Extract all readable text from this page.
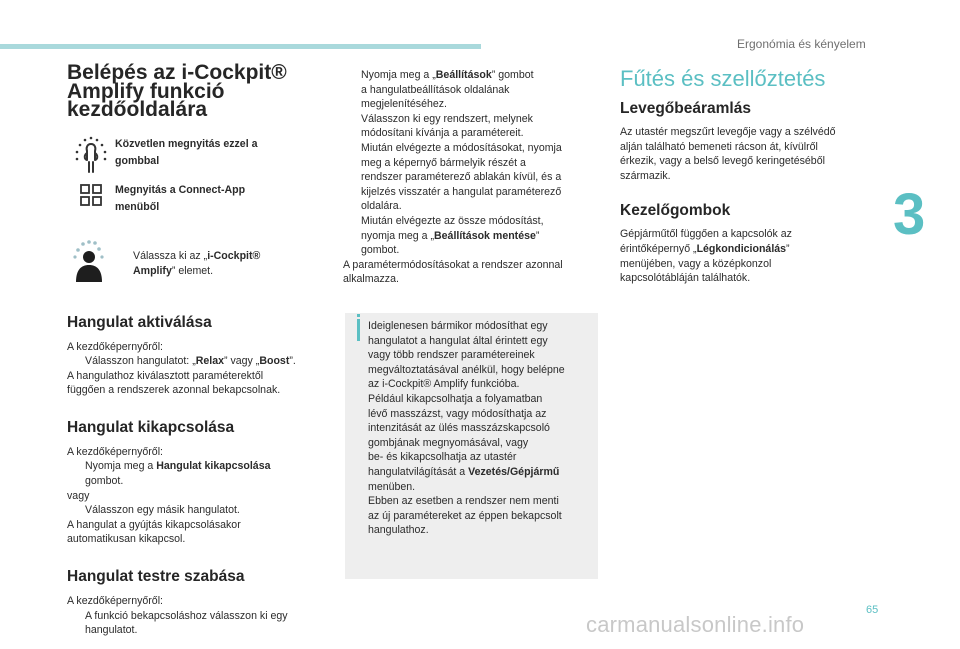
Ergonómia és kényelem
3
65
carmanualsonline.info
Belépés az i-Cockpit®
Amplify funkció
kezdőoldalára
Közvetlen megnyitás ezzel a
gombbal
Megnyitás a Connect-App
menüből
Válassza ki az „i-Cockpit®
Amplify” elemet.
Hangulat aktiválása

A kezdőképernyőről:

Válasszon hangulatot: „Relax” vagy „Boost”.

A hangulathoz kiválasztott paraméterektől

függően a rendszerek azonnal bekapcsolnak.

Hangulat kikapcsolása

A kezdőképernyőről:

Nyomja meg a Hangulat kikapcsolása
gombot.

vagy

Válasszon egy másik hangulatot.

A hangulat a gyújtás kikapcsolásakor

automatikusan kikapcsol.

Hangulat testre szabása

A kezdőképernyőről:

A funkció bekapcsoláshoz válasszon ki egy
hangulatot.

Nyomja meg a „Beállítások” gombot
a hangulatbeállítások oldalának
megjelenítéséhez.

Válasszon ki egy rendszert, melynek
módosítani kívánja a paramétereit.

Miután elvégezte a módosításokat, nyomja
meg a képernyő bármelyik részét a
rendszer paraméterező ablakán kívül, és a
kijelzés visszatér a hangulat paraméterező
oldalára.

Miután elvégezte az össze módosítást,
nyomja meg a „Beállítások mentése”
gombot.

A paramétermódosításokat a rendszer azonnal
alkalmazza.

Ideiglenesen bármikor módosíthat egy
hangulatot a hangulat által érintett egy
vagy több rendszer paramétereinek
megváltoztatásával anélkül, hogy belépne
az i-Cockpit® Amplify funkcióba.
Például kikapcsolhatja a folyamatban
lévő masszázst, vagy módosíthatja az
intenzitását az ülés masszázskapcsoló
gombjának megnyomásával, vagy
be- és kikapcsolhatja az utastér
hangulatvilágítását a Vezetés/Gépjármű
menüben.
Ebben az esetben a rendszer nem menti
az új paramétereket az éppen bekapcsolt
hangulathoz.
Fűtés és szellőztetés
Levegőbeáramlás

Az utastér megszűrt levegője vagy a szélvédő

alján található bemeneti rácson át, kívülről

érkezik, vagy a belső levegő keringetéséből

származik.

Kezelőgombok

Gépjárműtől függően a kapcsolók az

érintőképernyő „Légkondicionálás”

menüjében, vagy a középkonzol

kapcsolótábláján találhatók.
